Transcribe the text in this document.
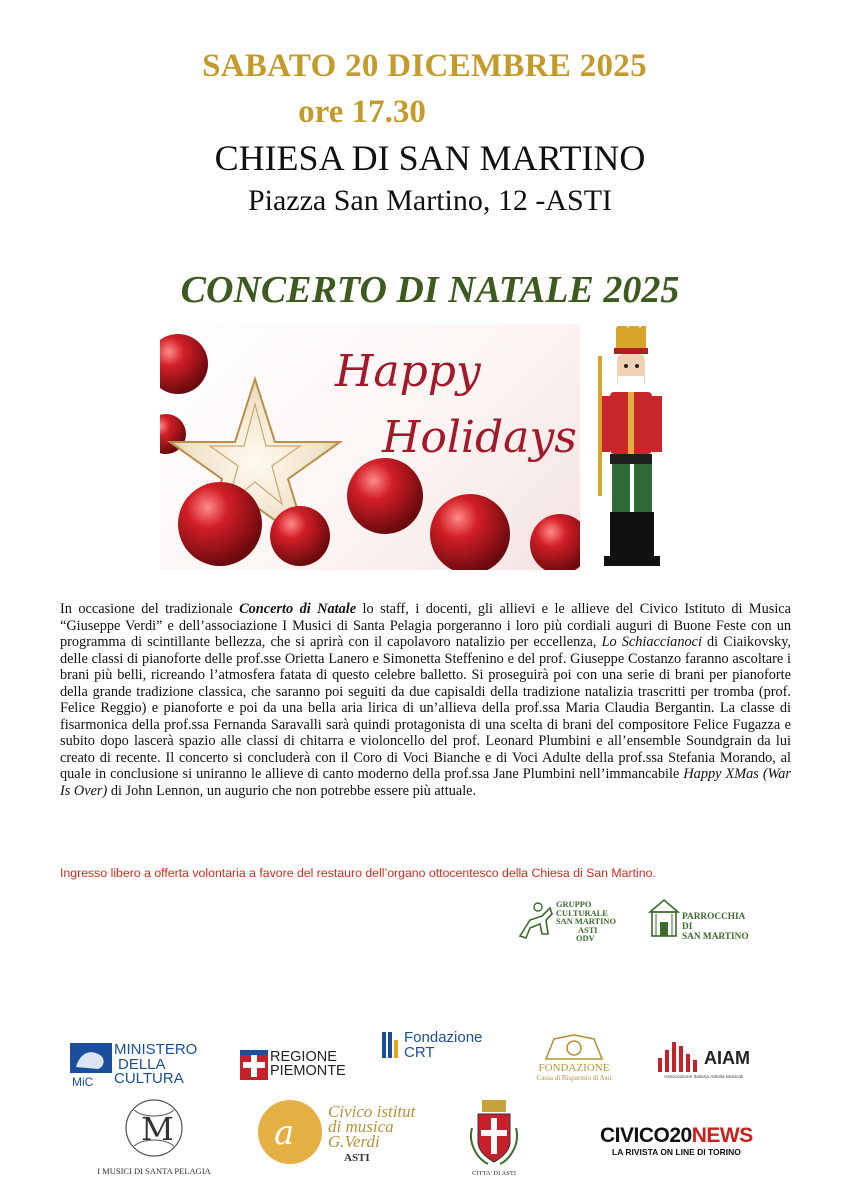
SABATO 20 DICEMBRE 2025
ore 17.30
CHIESA DI SAN MARTINO
Piazza San Martino, 12 -ASTI
CONCERTO DI NATALE 2025
Happy
Holidays

In occasione del tradizionale Concerto di Natale lo staff, i docenti, gli allievi e le allieve del Civico Istituto di Musica “Giuseppe Verdi” e dell’associazione I Musici di Santa Pelagia porgeranno i loro più cordiali auguri di Buone Feste con un programma di scintillante bellezza, che si aprirà con il capolavoro natalizio per eccellenza, Lo Schiaccianoci di Ciaikovsky, delle classi di pianoforte delle prof.sse Orietta Lanero e Simonetta Steffenino e del prof. Giuseppe Costanzo faranno ascoltare i brani più belli, ricreando l’atmosfera fatata di questo celebre balletto. Si proseguirà poi con una serie di brani per pianoforte della grande tradizione classica, che saranno poi seguiti da due capisaldi della tradizione natalizia trascritti per tromba (prof. Felice Reggio) e pianoforte e poi da una bella aria lirica di un’allieva della prof.ssa Maria Claudia Bergantin. La classe di fisarmonica della prof.ssa Fernanda Saravalli sarà quindi protagonista di una scelta di brani del compositore Felice Fugazza e subito dopo lascerà spazio alle classi di chitarra e violoncello del prof. Leonard Plumbini e all’ensemble Soundgrain da lui creato di recente. Il concerto si concluderà con il Coro di Voci Bianche e di Voci Adulte della prof.ssa Stefania Morando, al quale in conclusione si uniranno le allieve di canto moderno della prof.ssa Jane Plumbini nell’immancabile Happy XMas (War Is Over) di John Lennon, un augurio che non potrebbe essere più attuale.

Ingresso libero a offerta volontaria a favore del restauro dell’organo ottocentesco della Chiesa di San Martino.
GRUPPO
CULTURALE
SAN MARTINO
ASTI
ODV
PARROCCHIA DI
SAN MARTINO
MiC
MINISTERO
DELLA
CULTURA
REGIONE
PIEMONTE
Fondazione
CRT
FONDAZIONE
Cassa di Risparmio di Asti
AIAM
Associazione Italiana Attività Musicali
M
I MUSICI DI SANTA PELAGIA
a
Civico istitut
di musica
G.Verdi
ASTI
CITTA' DI ASTI
CIVICO20NEWS
LA RIVISTA ON LINE DI TORINO
